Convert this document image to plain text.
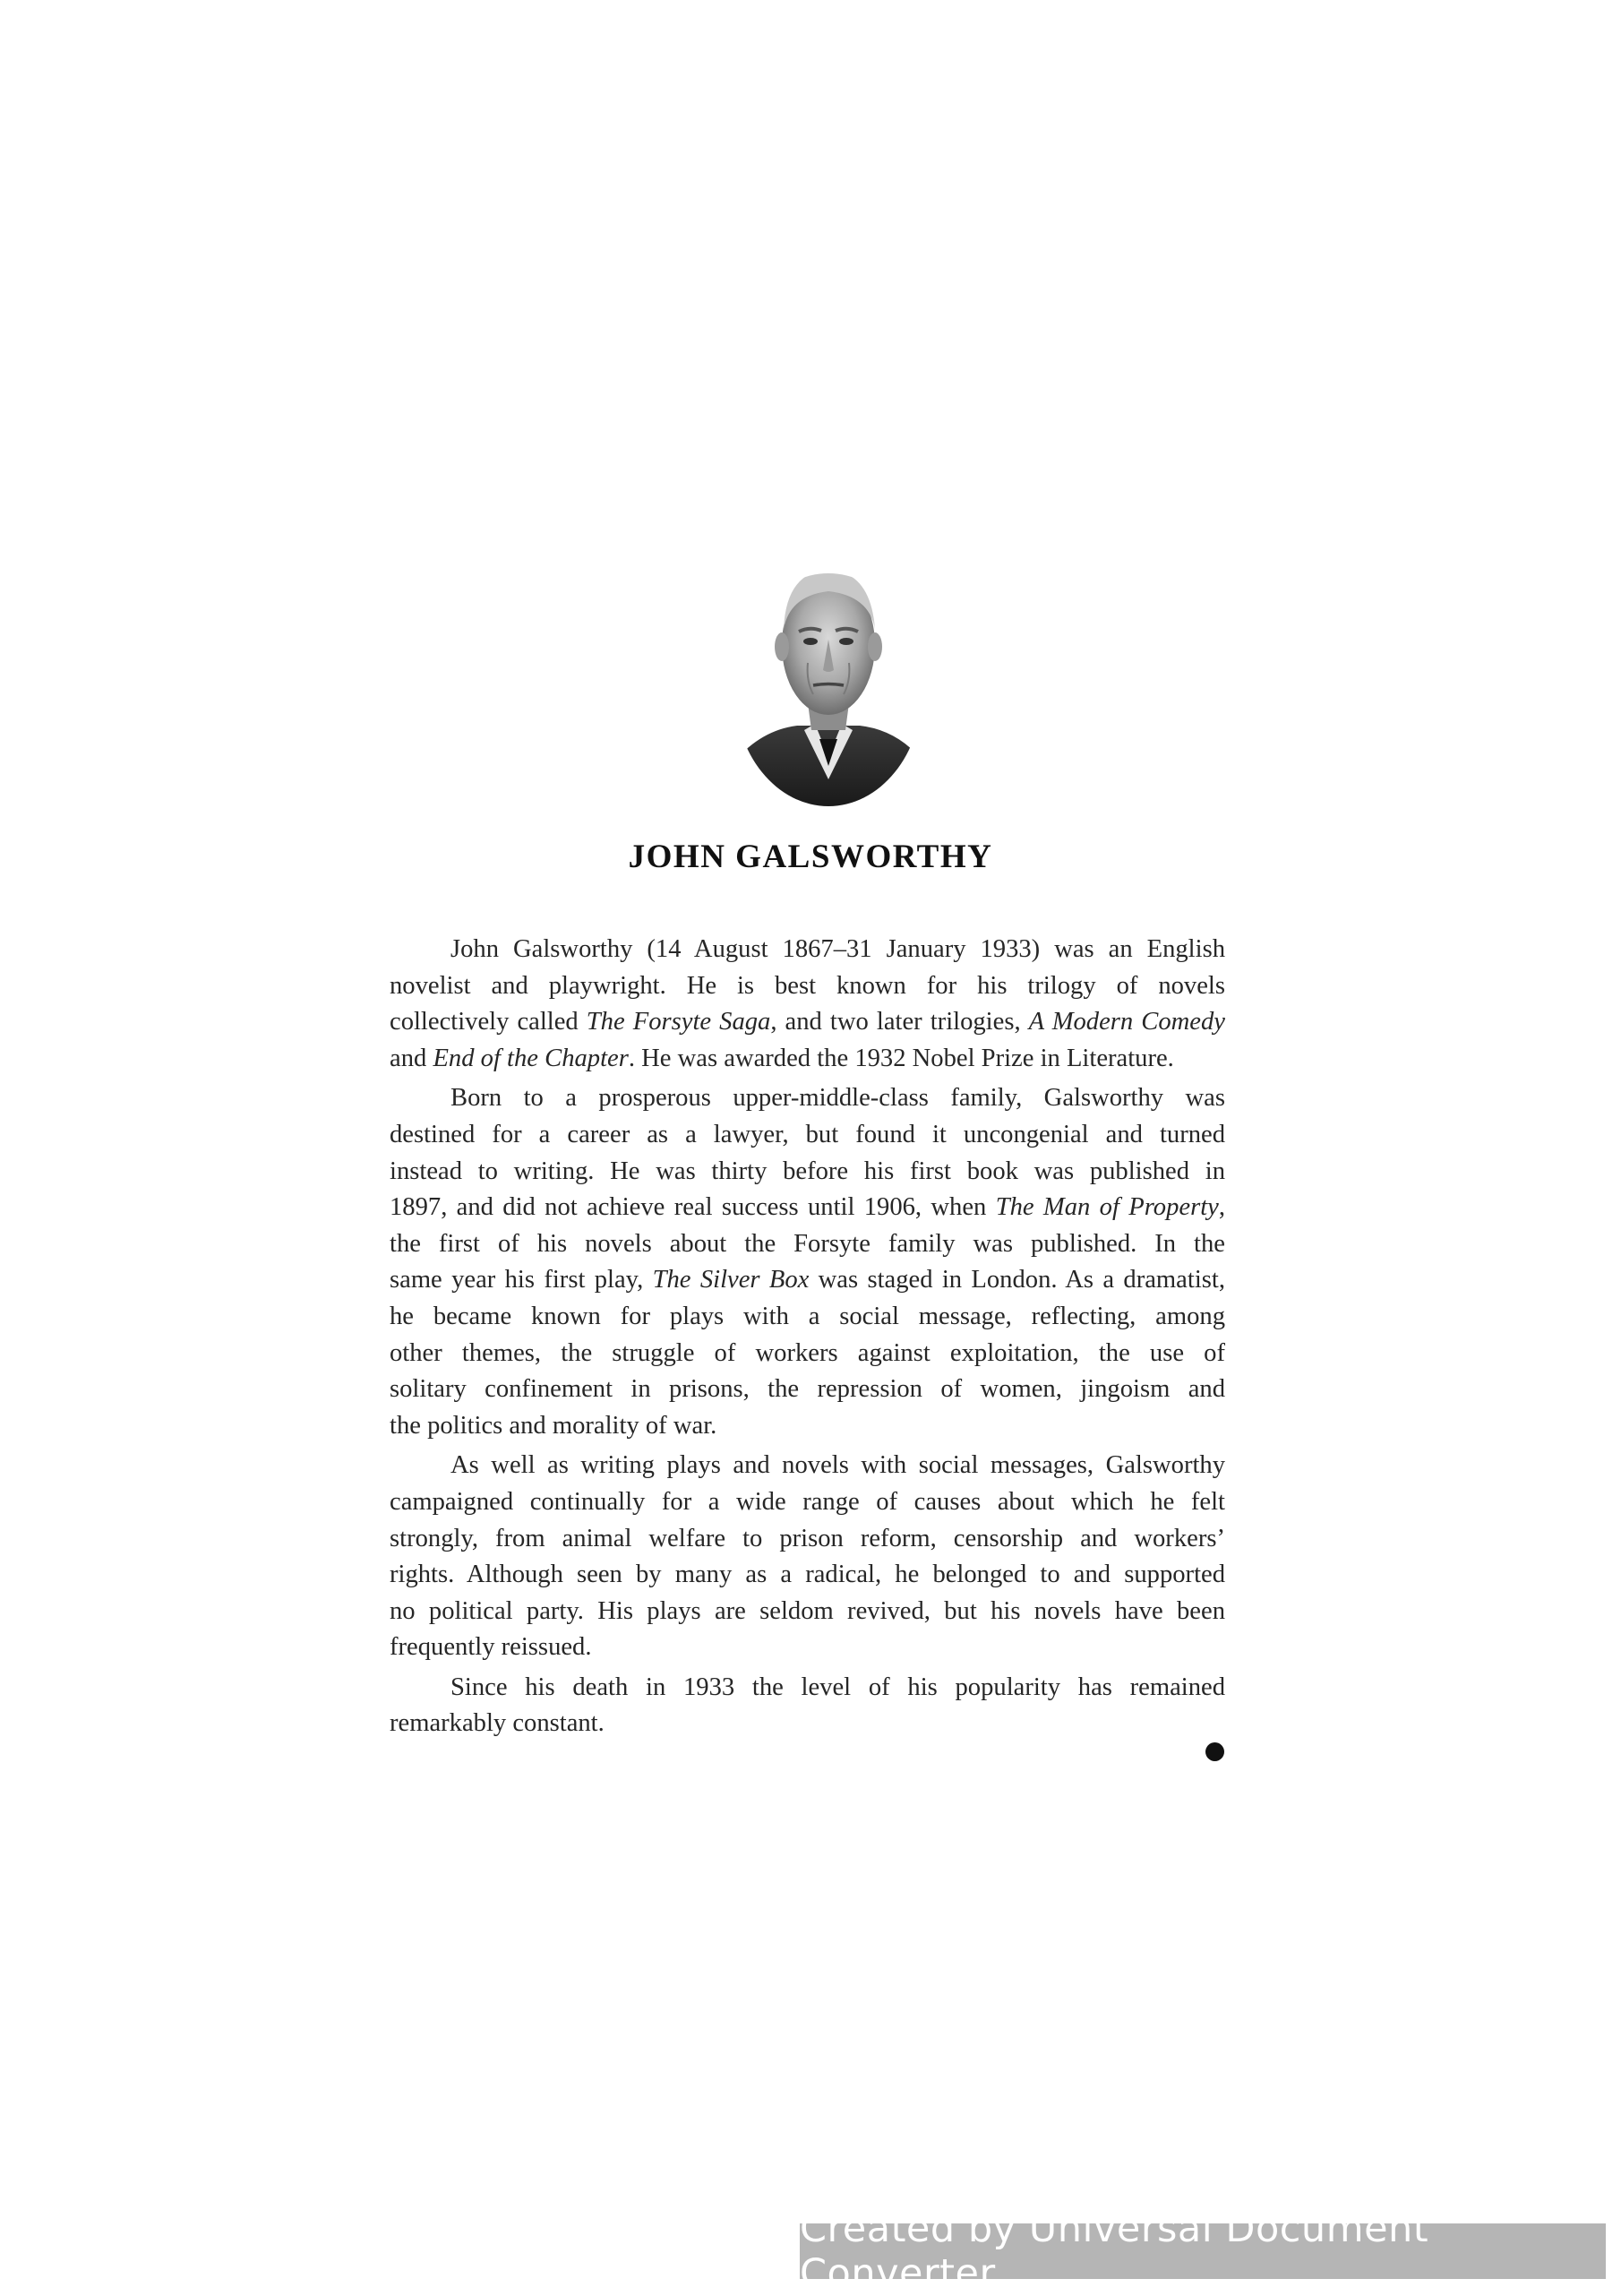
JOHN GALSWORTHY
John Galsworthy (14 August 1867–31 January 1933) was an English
novelist and playwright. He is best known for his trilogy of novels
collectively called The Forsyte Saga, and two later trilogies, A Modern Comedy
and End of the Chapter. He was awarded the 1932 Nobel Prize in Literature.
Born to a prosperous upper-middle-class family, Galsworthy was
destined for a career as a lawyer, but found it uncongenial and turned
instead to writing. He was thirty before his first book was published in
1897, and did not achieve real success until 1906, when The Man of Property,
the first of his novels about the Forsyte family was published. In the
same year his first play, The Silver Box was staged in London. As a dramatist,
he became known for plays with a social message, reflecting, among
other themes, the struggle of workers against exploitation, the use of
solitary confinement in prisons, the repression of women, jingoism and
the politics and morality of war.
As well as writing plays and novels with social messages, Galsworthy
campaigned continually for a wide range of causes about which he felt
strongly, from animal welfare to prison reform, censorship and workers’
rights. Although seen by many as a radical, he belonged to and supported
no political party. His plays are seldom revived, but his novels have been
frequently reissued.
Since his death in 1933 the level of his popularity has remained
remarkably constant.
Created by Universal Document Converter
